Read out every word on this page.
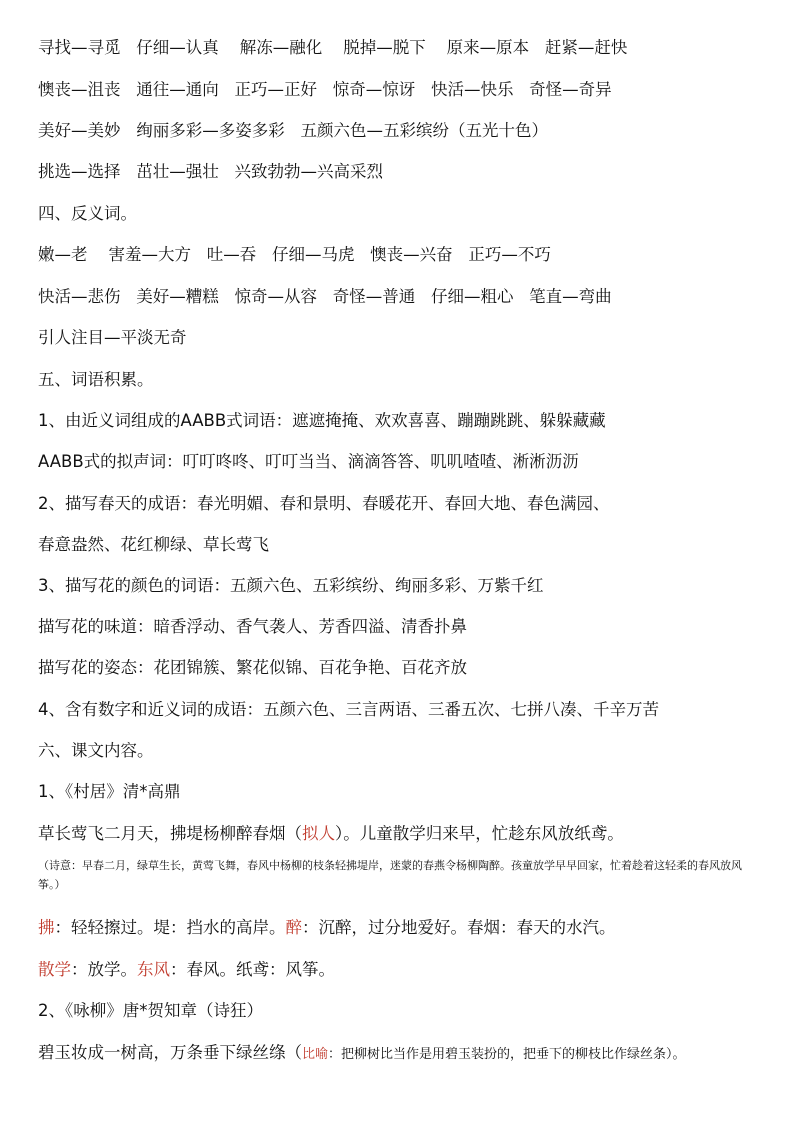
寻找—寻觅   仔细—认真    解冻—融化    脱掉—脱下    原来—原本   赶紧—赶快
懊丧—沮丧   通往—通向   正巧—正好   惊奇—惊讶   快活—快乐   奇怪—奇异
美好—美妙   绚丽多彩—多姿多彩   五颜六色—五彩缤纷（五光十色）
挑选—选择   茁壮—强壮   兴致勃勃—兴高采烈
四、反义词。
嫩—老    害羞—大方   吐—吞   仔细—马虎   懊丧—兴奋   正巧—不巧
快活—悲伤   美好—糟糕   惊奇—从容   奇怪—普通   仔细—粗心   笔直—弯曲
引人注目—平淡无奇
五、词语积累。
1、由近义词组成的AABB式词语：遮遮掩掩、欢欢喜喜、蹦蹦跳跳、躲躲藏藏
AABB式的拟声词：叮叮咚咚、叮叮当当、滴滴答答、叽叽喳喳、淅淅沥沥
2、描写春天的成语：春光明媚、春和景明、春暖花开、春回大地、春色满园、
春意盎然、花红柳绿、草长莺飞
3、描写花的颜色的词语：五颜六色、五彩缤纷、绚丽多彩、万紫千红
描写花的味道：暗香浮动、香气袭人、芳香四溢、清香扑鼻
描写花的姿态：花团锦簇、繁花似锦、百花争艳、百花齐放
4、含有数字和近义词的成语：五颜六色、三言两语、三番五次、七拼八凑、千辛万苦
六、课文内容。
1、《村居》清*高鼎
草长莺飞二月天，拂堤杨柳醉春烟（拟人）。儿童散学归来早，忙趁东风放纸鸢。
（诗意：早春二月，绿草生长，黄莺飞舞，春风中杨柳的枝条轻拂堤岸，迷蒙的春燕令杨柳陶醉。孩童放学早早回家，忙着趁着这轻柔的春风放风筝。）
拂：轻轻擦过。堤：挡水的高岸。醉：沉醉，过分地爱好。春烟：春天的水汽。
散学：放学。东风：春风。纸鸢：风筝。
2、《咏柳》唐*贺知章（诗狂）
碧玉妆成一树高，万条垂下绿丝绦（比喻：把柳树比当作是用碧玉装扮的，把垂下的柳枝比作绿丝条）。
